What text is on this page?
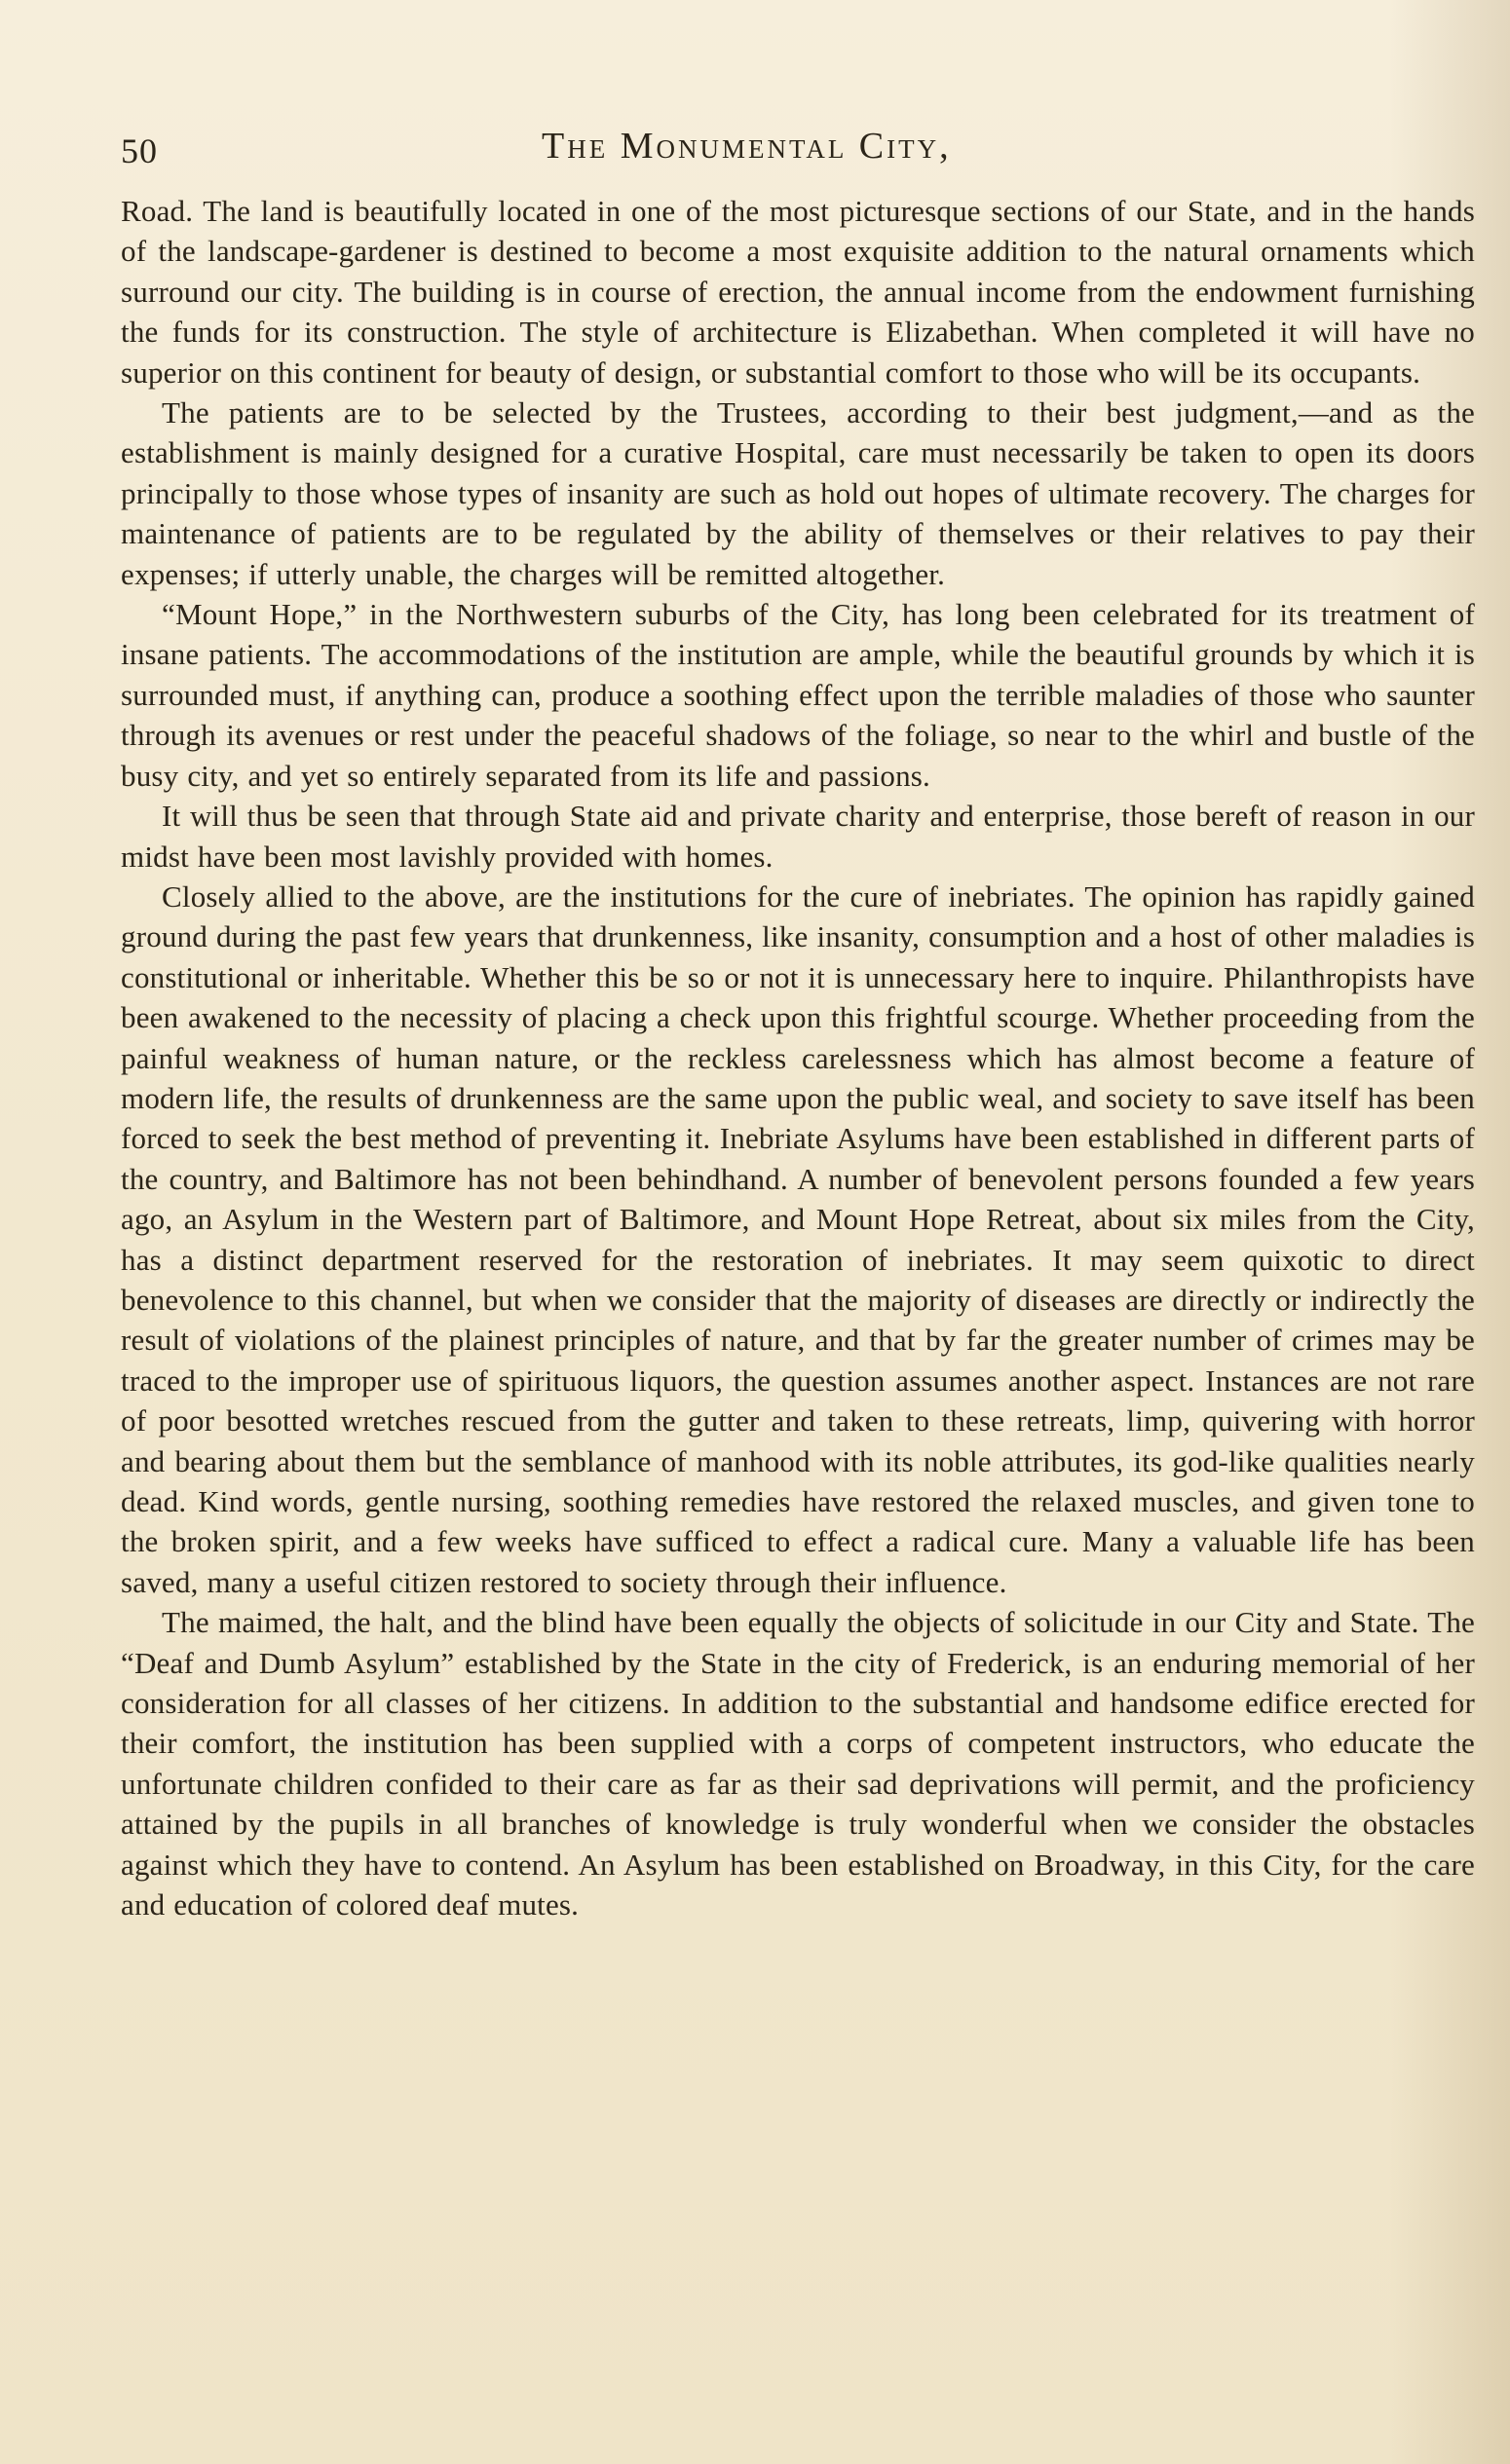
50	The Monumental City,

Road. The land is beautifully located in one of the most picturesque sections of our State, and in the hands of the landscape-gardener is destined to become a most exquisite addition to the natural ornaments which surround our city. The building is in course of erection, the annual income from the endowment furnishing the funds for its construction. The style of architecture is Elizabethan. When completed it will have no superior on this continent for beauty of design, or substantial comfort to those who will be its occupants.

The patients are to be selected by the Trustees, according to their best judgment,—and as the establishment is mainly designed for a curative Hospital, care must necessarily be taken to open its doors principally to those whose types of insanity are such as hold out hopes of ultimate recovery. The charges for maintenance of patients are to be regulated by the ability of themselves or their relatives to pay their expenses; if utterly unable, the charges will be remitted altogether.

“Mount Hope,” in the Northwestern suburbs of the City, has long been celebrated for its treatment of insane patients. The accommodations of the institution are ample, while the beautiful grounds by which it is surrounded must, if anything can, produce a soothing effect upon the terrible maladies of those who saunter through its avenues or rest under the peaceful shadows of the foliage, so near to the whirl and bustle of the busy city, and yet so entirely separated from its life and passions.

It will thus be seen that through State aid and private charity and enterprise, those bereft of reason in our midst have been most lavishly provided with homes.

Closely allied to the above, are the institutions for the cure of inebriates. The opinion has rapidly gained ground during the past few years that drunkenness, like insanity, consumption and a host of other maladies is constitutional or inheritable. Whether this be so or not it is unnecessary here to inquire. Philanthropists have been awakened to the necessity of placing a check upon this frightful scourge. Whether proceeding from the painful weakness of human nature, or the reckless carelessness which has almost become a feature of modern life, the results of drunkenness are the same upon the public weal, and society to save itself has been forced to seek the best method of preventing it. Inebriate Asylums have been established in different parts of the country, and Baltimore has not been behindhand. A number of benevolent persons founded a few years ago, an Asylum in the Western part of Baltimore, and Mount Hope Retreat, about six miles from the City, has a distinct department reserved for the restoration of inebriates. It may seem quixotic to direct benevolence to this channel, but when we consider that the majority of diseases are directly or indirectly the result of violations of the plainest principles of nature, and that by far the greater number of crimes may be traced to the improper use of spirituous liquors, the question assumes another aspect. Instances are not rare of poor besotted wretches rescued from the gutter and taken to these retreats, limp, quivering with horror and bearing about them but the semblance of manhood with its noble attributes, its god-like qualities nearly dead. Kind words, gentle nursing, soothing remedies have restored the relaxed muscles, and given tone to the broken spirit, and a few weeks have sufficed to effect a radical cure. Many a valuable life has been saved, many a useful citizen restored to society through their influence.

The maimed, the halt, and the blind have been equally the objects of solicitude in our City and State. The “Deaf and Dumb Asylum” established by the State in the city of Frederick, is an enduring memorial of her consideration for all classes of her citizens. In addition to the substantial and handsome edifice erected for their comfort, the institution has been supplied with a corps of competent instructors, who educate the unfortunate children confided to their care as far as their sad deprivations will permit, and the proficiency attained by the pupils in all branches of knowledge is truly wonderful when we consider the obstacles against which they have to contend. An Asylum has been established on Broadway, in this City, for the care and education of colored deaf mutes.
